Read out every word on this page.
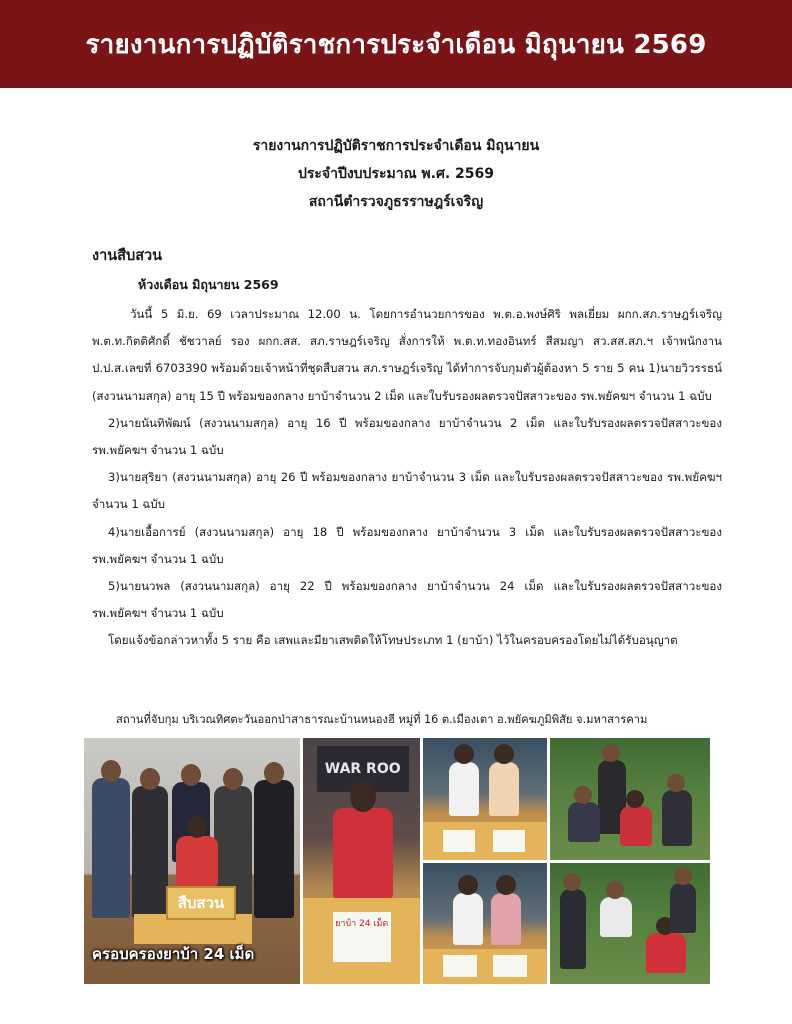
รายงานการปฏิบัติราชการประจำเดือน มิถุนายน 2569
รายงานการปฏิบัติราชการประจำเดือน มิถุนายน
ประจำปีงบประมาณ พ.ศ. 2569
สถานีตำรวจภูธรราษฎร์เจริญ
งานสืบสวน
ห้วงเดือน มิถุนายน 2569

วันนี้ 5 มิ.ย. 69 เวลาประมาณ 12.00 น. โดยการอำนวยการของ พ.ต.อ.พงษ์ศิริ พลเยี่ยม ผกก.สภ.ราษฎร์เจริญ พ.ต.ท.กิตติศักดิ์ ชัชวาลย์ รอง ผกก.สส. สภ.ราษฎร์เจริญ สั่งการให้ พ.ต.ท.ทองอินทร์ สีสมญา สว.สส.สภ.ฯ เจ้าพนักงาน ป.ป.ส.เลขที่ 6703390 พร้อมด้วยเจ้าหน้าที่ชุดสืบสวน สภ.ราษฎร์เจริญ ได้ทำการจับกุมตัวผู้ต้องหา 5 ราย 5 คน 1)นายวิวรรธน์ (สงวนนามสกุล) อายุ 15 ปี พร้อมของกลาง ยาบ้าจำนวน 2 เม็ด และใบรับรองผลตรวจปัสสาวะของ รพ.พยัคฆฯ จำนวน 1 ฉบับ

2)นายนันทิพัฒน์ (สงวนนามสกุล) อายุ 16 ปี พร้อมของกลาง ยาบ้าจำนวน 2 เม็ด และใบรับรองผลตรวจปัสสาวะของ รพ.พยัคฆฯ จำนวน 1 ฉบับ

3)นายสุริยา (สงวนนามสกุล) อายุ 26 ปี พร้อมของกลาง ยาบ้าจำนวน 3 เม็ด และใบรับรองผลตรวจปัสสาวะของ รพ.พยัคฆฯ จำนวน 1 ฉบับ

4)นายเอื้อการย์ (สงวนนามสกุล) อายุ 18 ปี พร้อมของกลาง ยาบ้าจำนวน 3 เม็ด และใบรับรองผลตรวจปัสสาวะของ รพ.พยัคฆฯ จำนวน 1 ฉบับ

5)นายนวพล (สงวนนามสกุล) อายุ 22 ปี พร้อมของกลาง ยาบ้าจำนวน 24 เม็ด และใบรับรองผลตรวจปัสสาวะของ รพ.พยัคฆฯ จำนวน 1 ฉบับ

โดยแจ้งข้อกล่าวหาทั้ง 5 ราย คือ เสพและมียาเสพติดให้โทษประเภท 1 (ยาบ้า) ไว้ในครอบครองโดยไม่ได้รับอนุญาต

สถานที่จับกุม บริเวณทิศตะวันออกป่าสาธารณะบ้านหนองฮี หมู่ที่ 16 ต.เมืองเตา อ.พยัคฆภูมิพิสัย จ.มหาสารคาม
สืบสวน
ครอบครองยาบ้า 24 เม็ด
WAR ROO
ยาบ้า 24 เม็ด
